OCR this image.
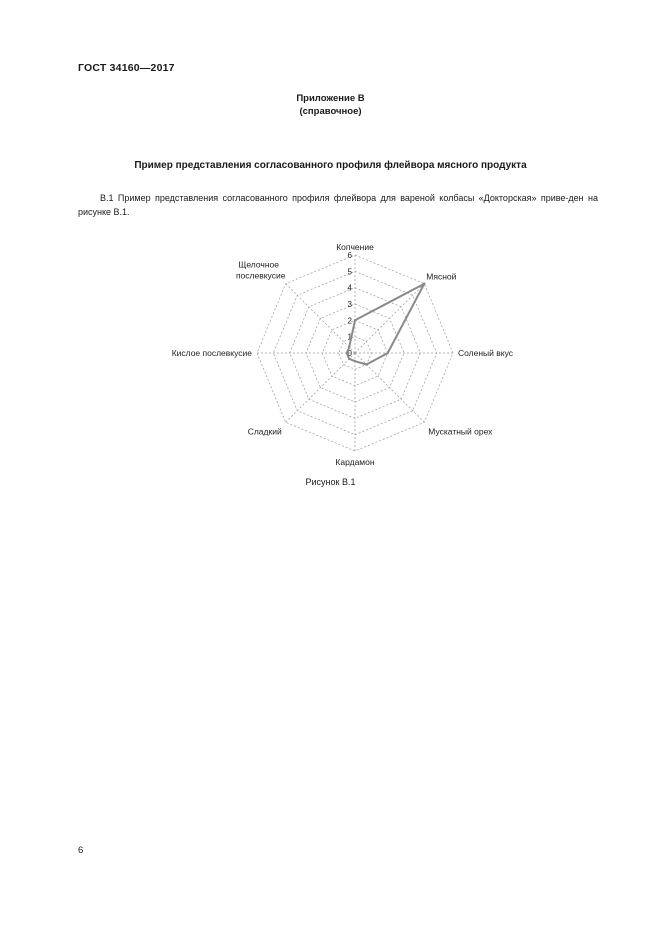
ГОСТ 34160—2017
Приложение В
(справочное)
Пример представления согласованного профиля флейвора мясного продукта
В.1 Пример представления согласованного профиля флейвора для вареной колбасы «Докторская» приве-ден на рисунке В.1.
0
1
2
3
4
5
6
Копчение
Мясной
Соленый вкус
Мускатный орех
Кардамон
Сладкий
Кислое послевкусие
Щелочное послевкусие
Рисунок В.1
6
